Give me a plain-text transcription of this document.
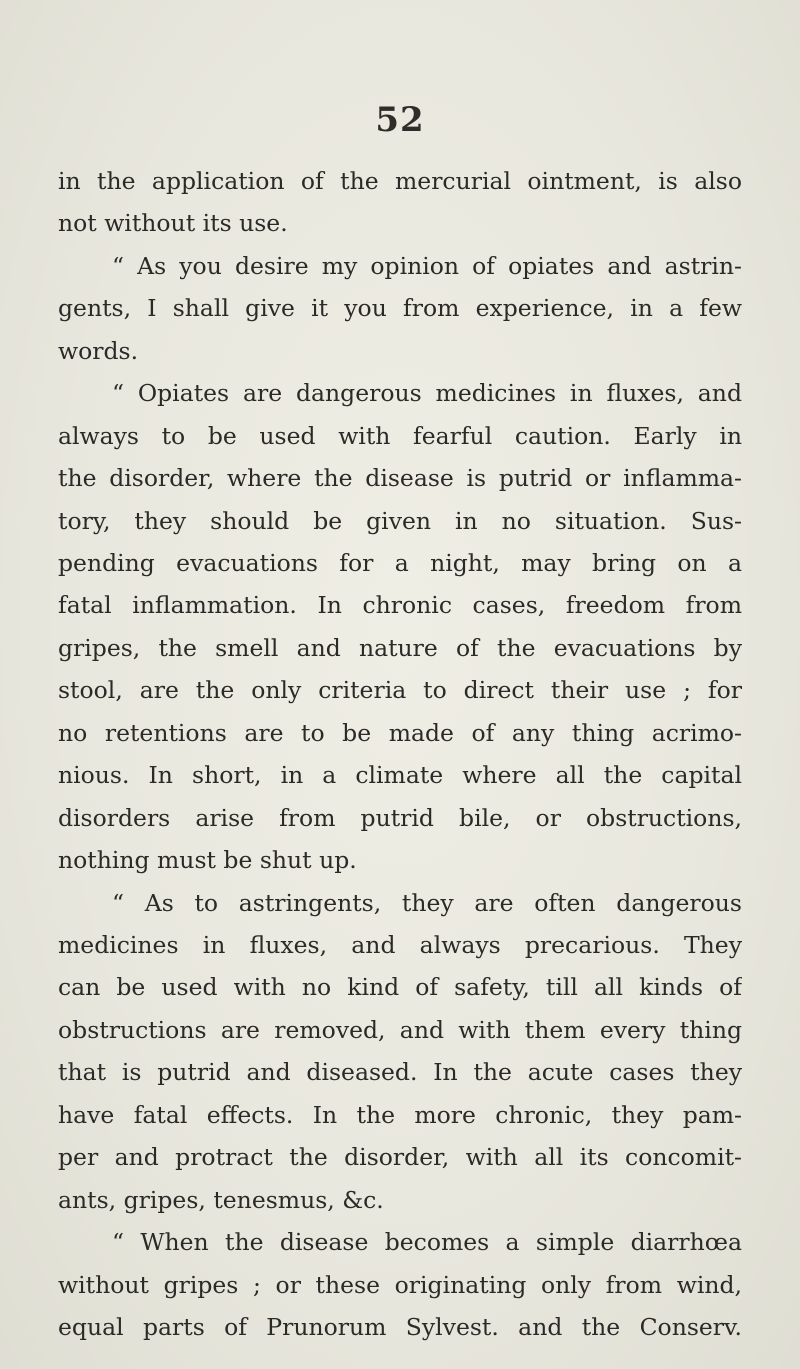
52
in the application of the mercurial ointment, is also
not without its use.
“ As you desire my opinion of opiates and astrin-
gents, I shall give it you from experience, in a few
words.
“ Opiates are dangerous medicines in fluxes, and
always to be used with fearful caution. Early in
the disorder, where the disease is putrid or inflamma-
tory, they should be given in no situation. Sus-
pending evacuations for a night, may bring on a
fatal inflammation. In chronic cases, freedom from
gripes, the smell and nature of the evacuations by
stool, are the only criteria to direct their use ; for
no retentions are to be made of any thing acrimo-
nious. In short, in a climate where all the capital
disorders arise from putrid bile, or obstructions,
nothing must be shut up.
“ As to astringents, they are often dangerous
medicines in fluxes, and always precarious. They
can be used with no kind of safety, till all kinds of
obstructions are removed, and with them every thing
that is putrid and diseased. In the acute cases they
have fatal effects. In the more chronic, they pam-
per and protract the disorder, with all its concomit-
ants, gripes, tenesmus, &c.
“ When the disease becomes a simple diarrhœa
without gripes ; or these originating only from wind,
equal parts of Prunorum Sylvest. and the Conserv.
